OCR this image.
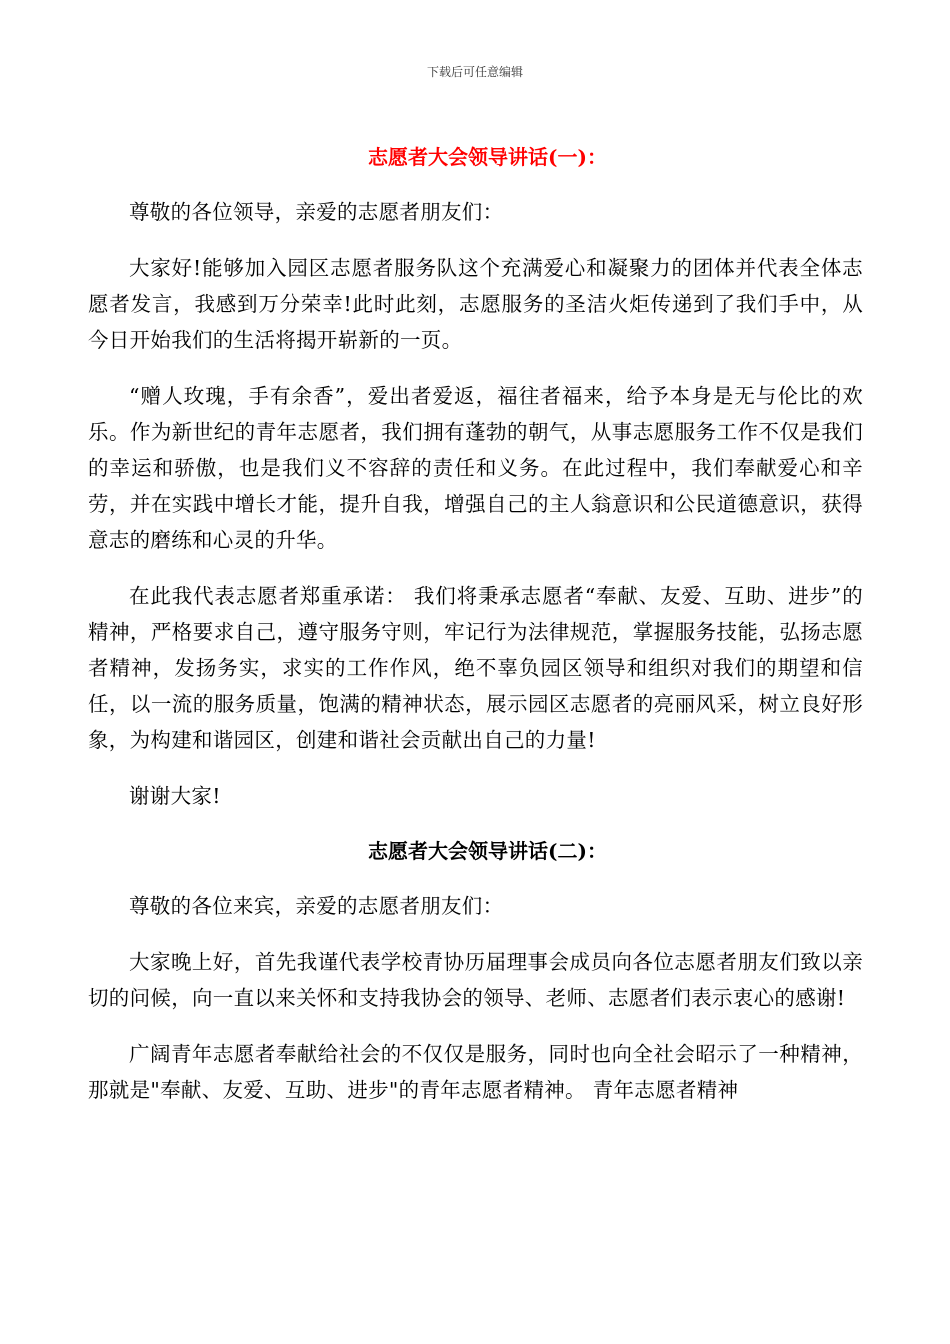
下载后可任意编辑
志愿者大会领导讲话(一)：

尊敬的各位领导，亲爱的志愿者朋友们：

大家好!能够加入园区志愿者服务队这个充满爱心和凝聚力的团体并代表全体志愿者发言，我感到万分荣幸!此时此刻，志愿服务的圣洁火炬传递到了我们手中，从今日开始我们的生活将揭开崭新的一页。

“赠人玫瑰，手有余香”，爱出者爱返，福往者福来，给予本身是无与伦比的欢乐。作为新世纪的青年志愿者，我们拥有蓬勃的朝气，从事志愿服务工作不仅是我们的幸运和骄傲，也是我们义不容辞的责任和义务。在此过程中，我们奉献爱心和辛劳，并在实践中增长才能，提升自我，增强自己的主人翁意识和公民道德意识，获得意志的磨练和心灵的升华。

在此我代表志愿者郑重承诺： 我们将秉承志愿者“奉献、友爱、互助、进步”的精神，严格要求自己，遵守服务守则，牢记行为法律规范，掌握服务技能，弘扬志愿者精神，发扬务实，求实的工作作风，绝不辜负园区领导和组织对我们的期望和信任，以一流的服务质量，饱满的精神状态，展示园区志愿者的亮丽风采，树立良好形象，为构建和谐园区，创建和谐社会贡献出自己的力量!

谢谢大家!

志愿者大会领导讲话(二)：

尊敬的各位来宾，亲爱的志愿者朋友们：

大家晚上好，首先我谨代表学校青协历届理事会成员向各位志愿者朋友们致以亲切的问候，向一直以来关怀和支持我协会的领导、老师、志愿者们表示衷心的感谢!

广阔青年志愿者奉献给社会的不仅仅是服务，同时也向全社会昭示了一种精神，那就是"奉献、友爱、互助、进步"的青年志愿者精神。 青年志愿者精神
